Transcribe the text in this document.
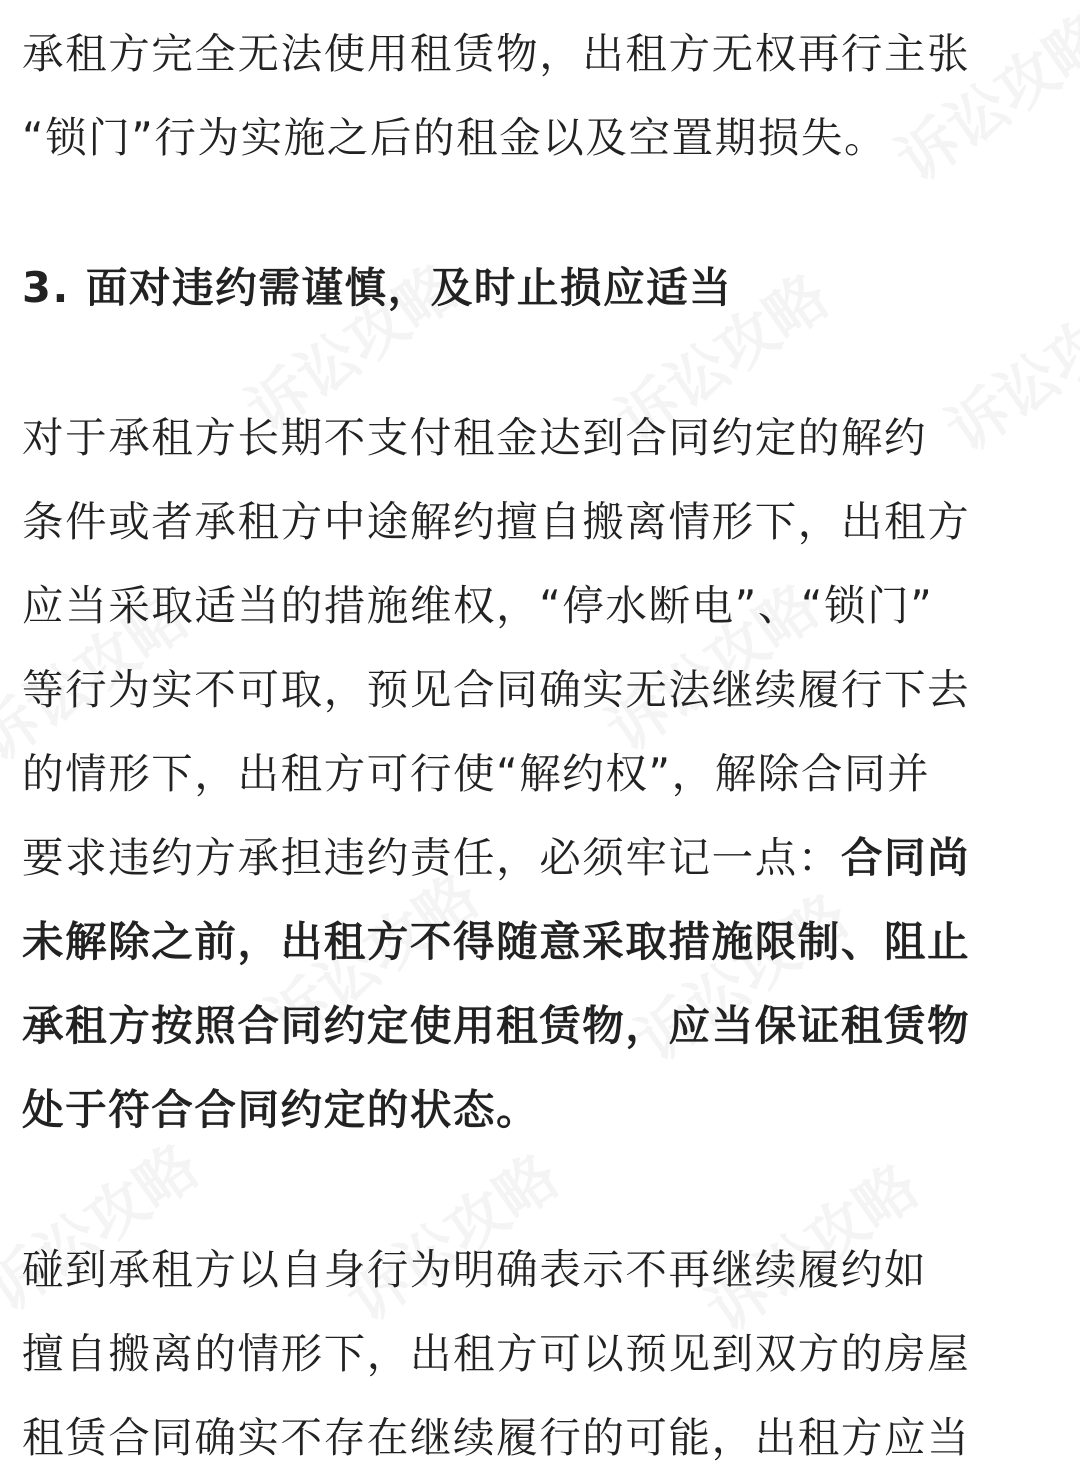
承租方完全无法使用租赁物，出租方无权再行主张
“锁门”行为实施之后的租金以及空置期损失。
3. 面对违约需谨慎，及时止损应适当
对于承租方长期不支付租金达到合同约定的解约
条件或者承租方中途解约擅自搬离情形下，出租方
应当采取适当的措施维权，“停水断电”、“锁门”
等行为实不可取，预见合同确实无法继续履行下去
的情形下，出租方可行使“解约权”，解除合同并
要求违约方承担违约责任，必须牢记一点：合同尚
未解除之前，出租方不得随意采取措施限制、阻止
承租方按照合同约定使用租赁物，应当保证租赁物
处于符合合同约定的状态。
碰到承租方以自身行为明确表示不再继续履约如
擅自搬离的情形下，出租方可以预见到双方的房屋
租赁合同确实不存在继续履行的可能，出租方应当
